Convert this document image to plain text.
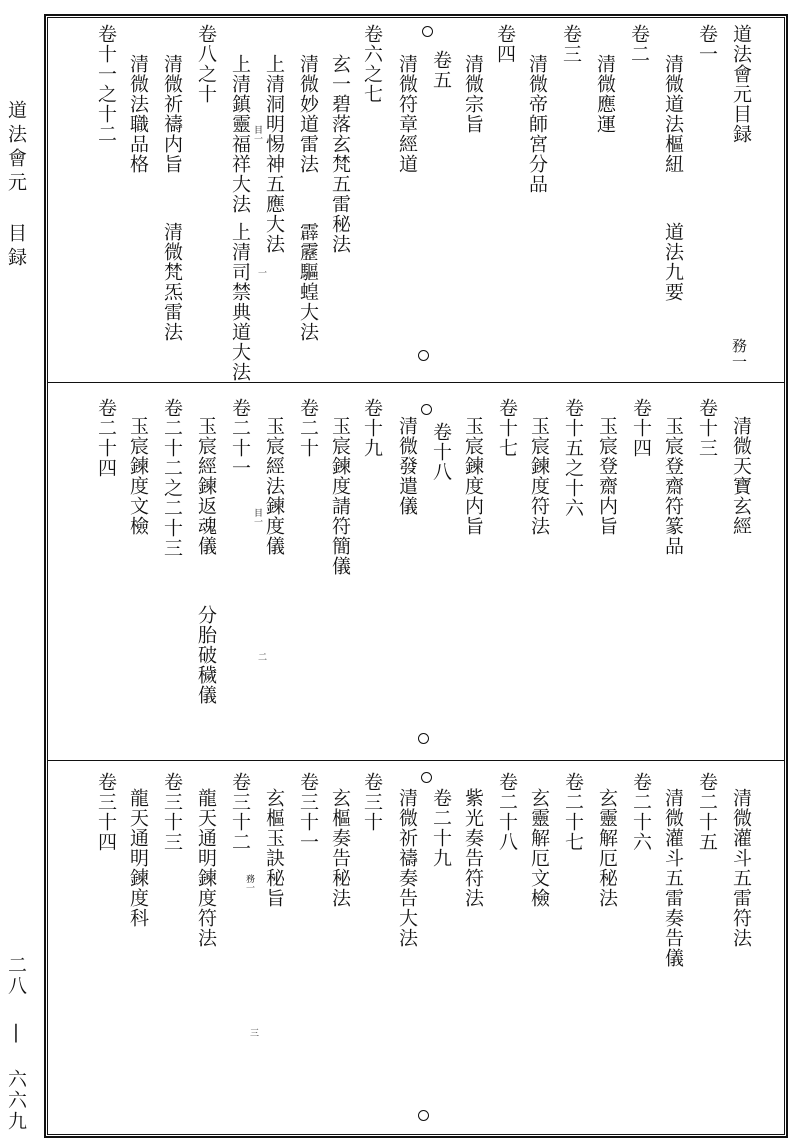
道法會元 目録
二八 | 六六九
道法會元目録
卷一
清微道法樞紐
道法九要
務一
卷二
清微應運
卷三
清微帝師宮分品
卷四
清微宗旨
卷五
清微符章經道
卷六之七
玄一碧落玄梵五雷秘法
清微妙道雷法
霹靂驅蝗大法
上清洞明惕神五應大法
目一
一
上清鎮靈福祥大法
上清司禁典道大法
卷八之十
清微祈禱内旨
清微法職品格
清微梵炁雷法
卷十一之十二
清微天寶玄經
卷十三
玉宸登齋符篆品
卷十四
玉宸登齋内旨
卷十五之十六
玉宸鍊度符法
卷十七
玉宸鍊度内旨
卷十八
清微發遣儀
卷十九
玉宸鍊度請符簡儀
卷二十
玉宸經法鍊度儀
目一
二
卷二十一
玉宸經鍊返魂儀
分胎破穢儀
卷二十二之二十三
玉宸鍊度文檢
卷二十四
清微灌斗五雷符法
卷二十五
清微灌斗五雷奏告儀
卷二十六
玄靈解厄秘法
卷二十七
玄靈解厄文檢
卷二十八
紫光奏告符法
卷二十九
清微祈禱奏告大法
卷三十
玄樞奏告秘法
卷三十一
玄樞玉訣秘旨
務一
三
卷三十二
龍天通明鍊度符法
卷三十三
龍天通明鍊度科
卷三十四
